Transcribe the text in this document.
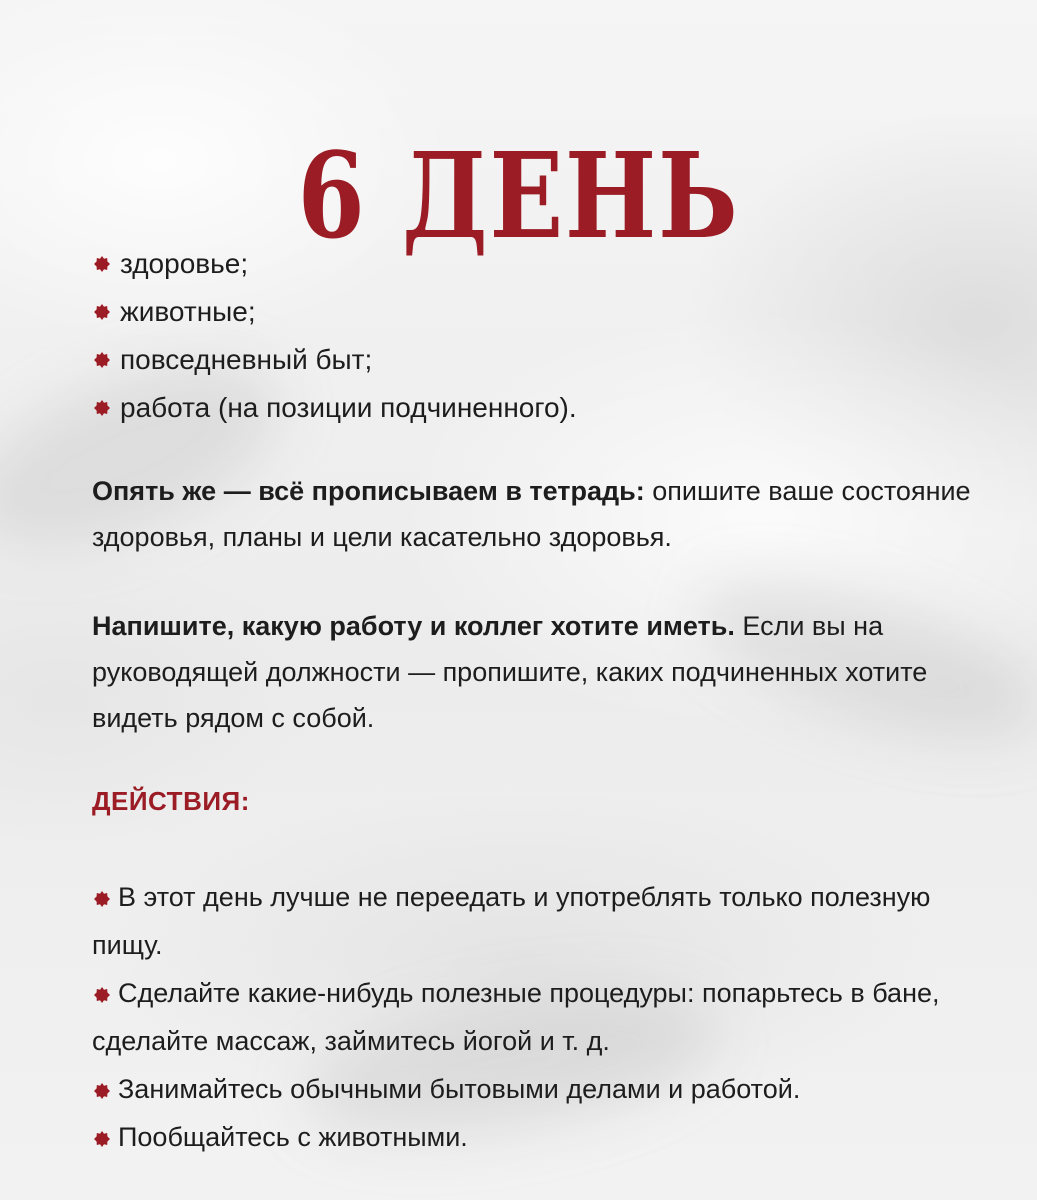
6 ДЕНЬ
здоровье;
животные;
повседневный быт;
работа (на позиции подчиненного).

Опять же — всё прописываем в тетрадь: опишите ваше состояние здоровья, планы и цели касательно здоровья.

Напишите, какую работу и коллег хотите иметь. Если вы на руководящей должности — пропишите, каких подчиненных хотите видеть рядом с собой.

ДЕЙСТВИЯ:
В этот день лучше не переедать и употреблять только полезную пищу.
Сделайте какие-нибудь полезные процедуры: попарьтесь в бане, сделайте массаж, займитесь йогой и т. д.
Занимайтесь обычными бытовыми делами и работой.
Пообщайтесь с животными.
